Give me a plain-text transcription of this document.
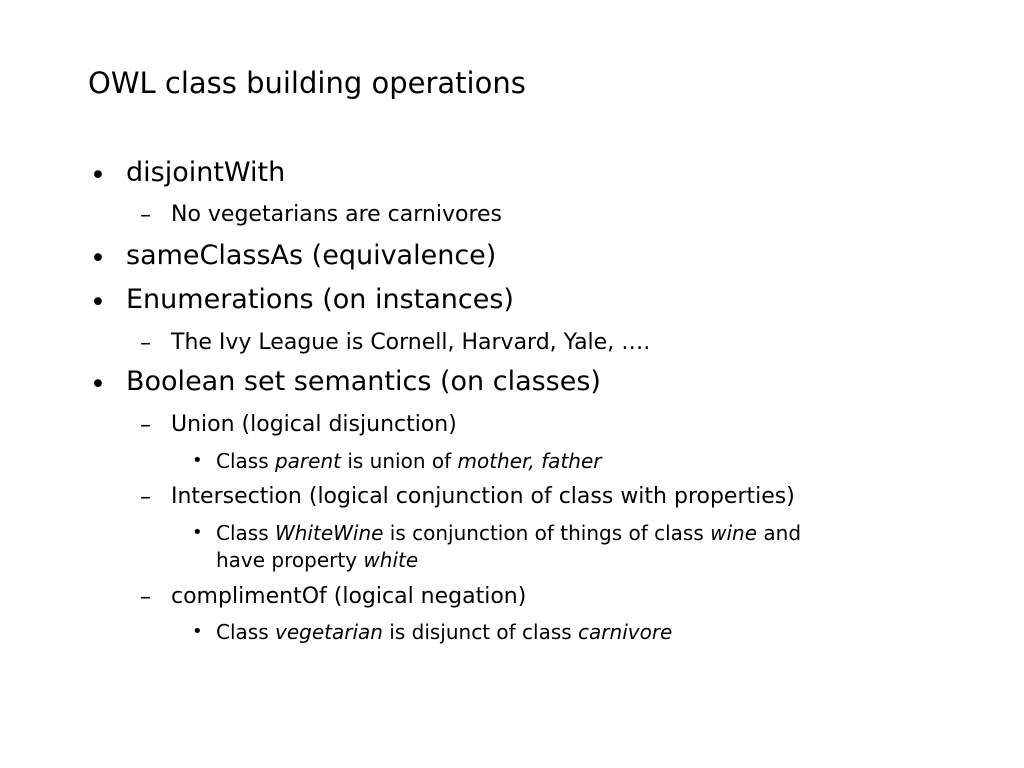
OWL class building operations
• disjointWith
– No vegetarians are carnivores
• sameClassAs (equivalence)
• Enumerations (on instances)
– The Ivy League is Cornell, Harvard, Yale, ….
• Boolean set semantics (on classes)
– Union (logical disjunction)
• Class parent is union of mother, father
– Intersection (logical conjunction of class with properties)
• Class WhiteWine is conjunction of things of class wine and
have property white
– complimentOf (logical negation)
• Class vegetarian is disjunct of class carnivore
